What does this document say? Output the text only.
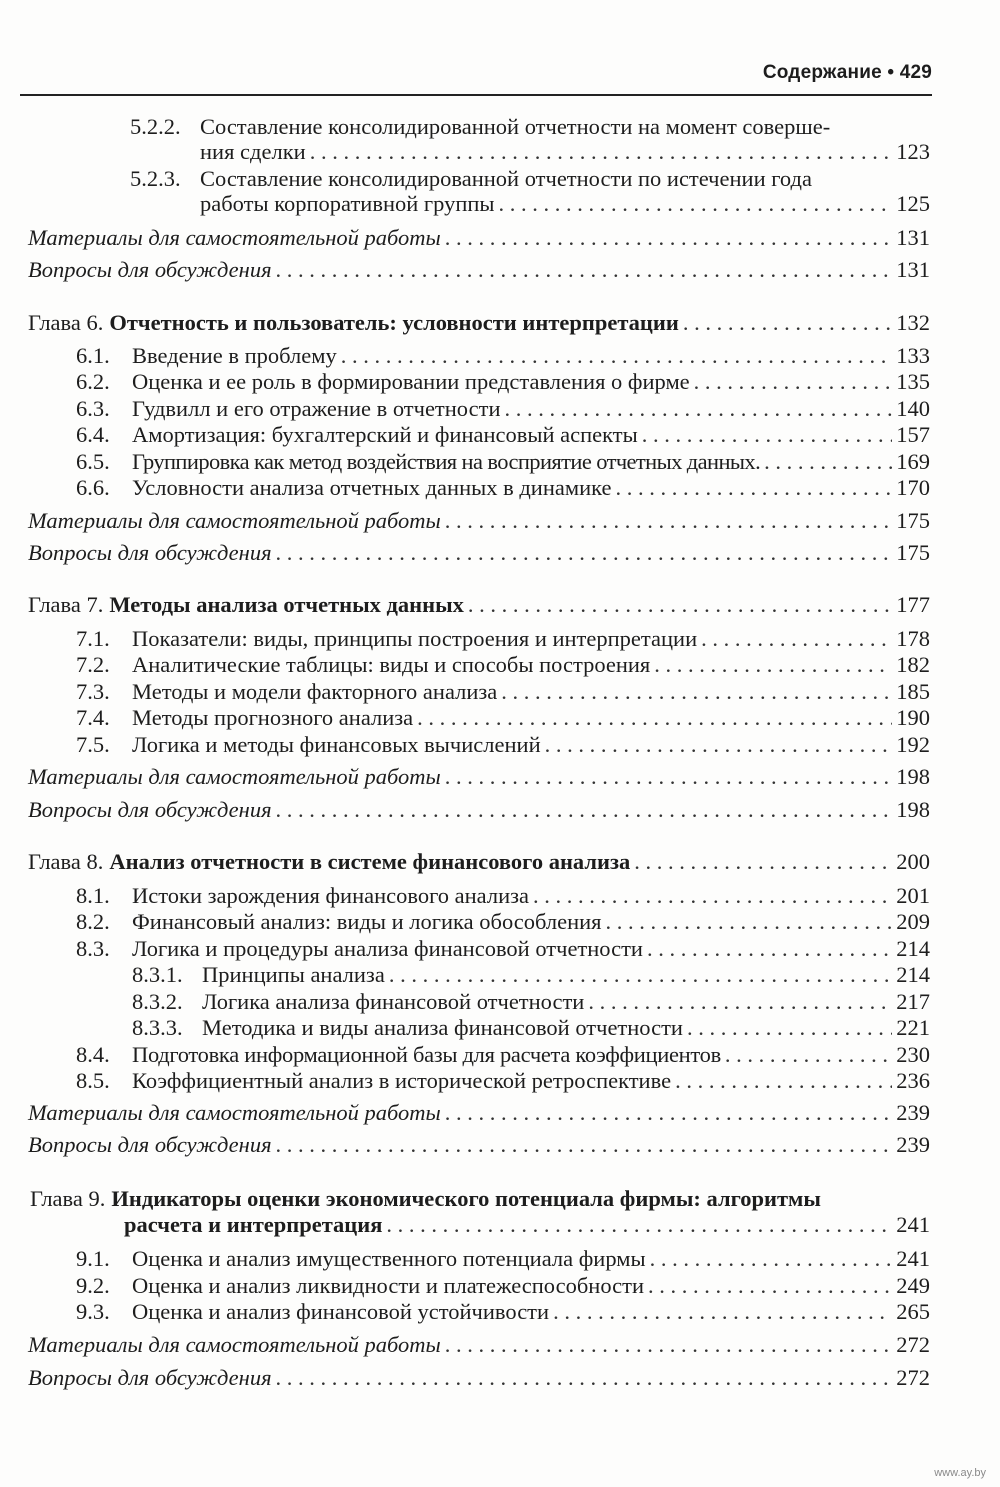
Содержание • 429
5.2.2. Составление консолидированной отчетности на момент соверше-
ния сделки . . .	123
5.2.3. Составление консолидированной отчетности по истечении года
работы корпоративной группы . . .	125
Материалы для самостоятельной работы . . .	131
Вопросы для обсуждения . . .	131
Глава 6. Отчетность и пользователь: условности интерпретации . . .	132
6.1. Введение в проблему . . .	133
6.2. Оценка и ее роль в формировании представления о фирме . . .	135
6.3. Гудвилл и его отражение в отчетности . . .	140
6.4. Амортизация: бухгалтерский и финансовый аспекты . . .	157
6.5. Группировка как метод воздействия на восприятие отчетных данных. . . .	169
6.6. Условности анализа отчетных данных в динамике . . .	170
Материалы для самостоятельной работы . . .	175
Вопросы для обсуждения . . .	175
Глава 7. Методы анализа отчетных данных . . .	177
7.1. Показатели: виды, принципы построения и интерпретации . . .	178
7.2. Аналитические таблицы: виды и способы построения . . .	182
7.3. Методы и модели факторного анализа . . .	185
7.4. Методы прогнозного анализа . . .	190
7.5. Логика и методы финансовых вычислений . . .	192
Материалы для самостоятельной работы . . .	198
Вопросы для обсуждения . . .	198
Глава 8. Анализ отчетности в системе финансового анализа . . .	200
8.1. Истоки зарождения финансового анализа . . .	201
8.2. Финансовый анализ: виды и логика обособления . . .	209
8.3. Логика и процедуры анализа финансовой отчетности . . .	214
8.3.1. Принципы анализа . . .	214
8.3.2. Логика анализа финансовой отчетности . . .	217
8.3.3. Методика и виды анализа финансовой отчетности . . .	221
8.4. Подготовка информационной базы для расчета коэффициентов . . .	230
8.5. Коэффициентный анализ в исторической ретроспективе . . .	236
Материалы для самостоятельной работы . . .	239
Вопросы для обсуждения . . .	239
Глава 9. Индикаторы оценки экономического потенциала фирмы: алгоритмы
расчета и интерпретация . . .	241
9.1. Оценка и анализ имущественного потенциала фирмы . . .	241
9.2. Оценка и анализ ликвидности и платежеспособности . . .	249
9.3. Оценка и анализ финансовой устойчивости . . .	265
Материалы для самостоятельной работы . . .	272
Вопросы для обсуждения . . .	272
www.ay.by
